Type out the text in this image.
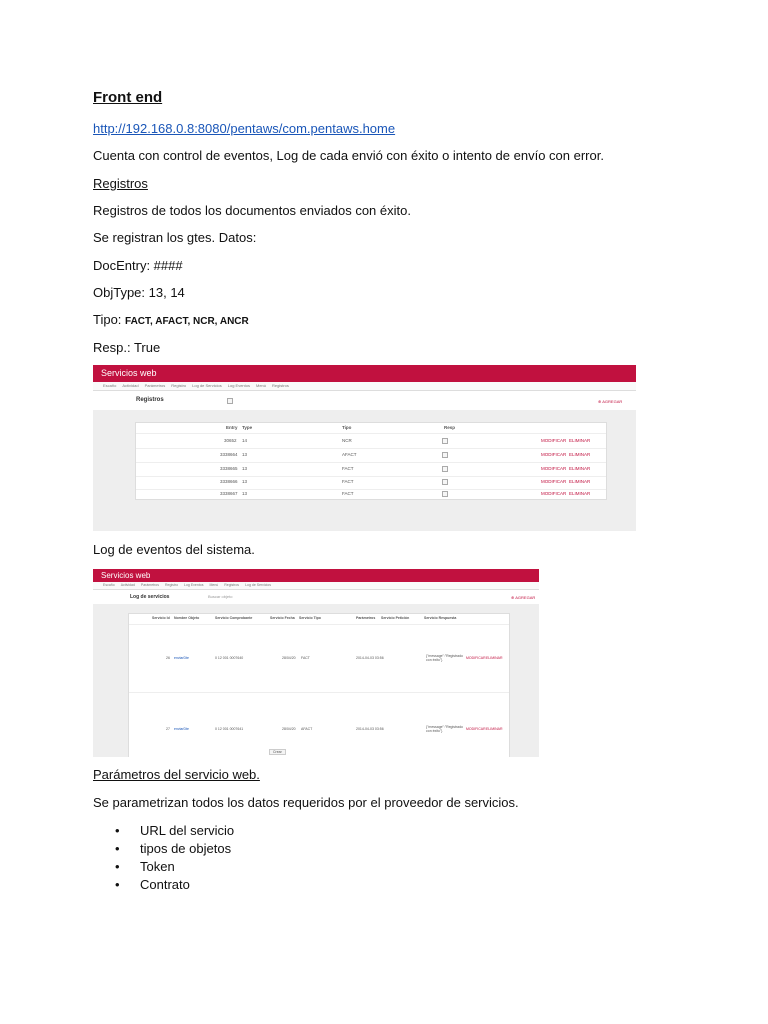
Front end
http://192.168.0.8:8080/pentaws/com.pentaws.home
Cuenta con control de eventos, Log de cada envió con éxito o intento de envío con error.
Registros
Registros de todos los documentos enviados con éxito.
Se registran los gtes. Datos:
DocEntry: ####
ObjType: 13, 14
Tipo: FACT, AFACT, NCR, ANCR
Resp.: True
Servicios web
Escaño Actividad Parámetros Registro Log de Servicios Log Eventos Menú Registros
Registros	⊕ AGREGAR
Entry Type	Tipo	Resp
30652 14	NCR	MODIFICAR ELIMINAR
3338664 13	AFACT	MODIFICAR ELIMINAR
3338665 13	FACT	MODIFICAR ELIMINAR
3338666 13	FACT	MODIFICAR ELIMINAR
3338667 13	FACT	MODIFICAR ELIMINAR
Log de eventos del sistema.
Servicios web
Escaño Actividad Parámetros Registro Log Eventos Menú Registros Log de Servicios
Log de servicios	Buscar objeto	⊕ AGREGAR
Servicio Id Nombre Objeto	Servicio Comprobante	Servicio Fecha Servicio Tipo	Parámetros Servicio Petición	Servicio Respuesta
26 enviarDte	0 12 001 0007640	28/04/20 FACT	2014-04-03 03:56	{"message":"Registrado con éxito"}	MODIFICAR ELIMINAR
27 enviarDte	0 12 001 0007641	28/04/20 AFACT	2014-04-03 03:56	{"message":"Registrado con éxito"}	MODIFICAR ELIMINAR
Crear
Parámetros del servicio web.
Se parametrizan todos los datos requeridos por el proveedor de servicios.
• URL del servicio
• tipos de objetos
• Token
• Contrato
